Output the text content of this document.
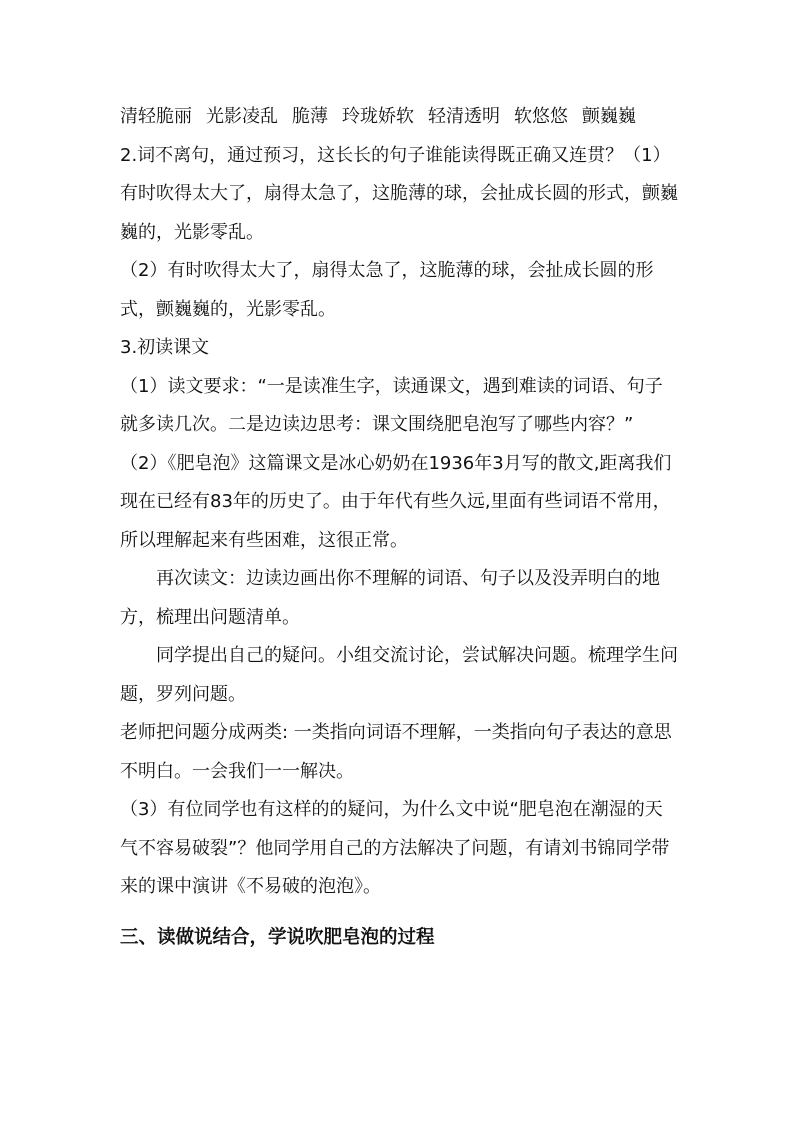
清轻脆丽 光影凌乱 脆薄 玲珑娇软 轻清透明 软悠悠 颤巍巍

2.词不离句，通过预习，这长长的句子谁能读得既正确又连贯？（1）有时吹得太大了，扇得太急了，这脆薄的球，会扯成长圆的形式，颤巍巍的，光影零乱。

（2）有时吹得太大了，扇得太急了，这脆薄的球，会扯成长圆的形式，颤巍巍的，光影零乱。

3.初读课文

（1）读文要求：“一是读准生字，读通课文，遇到难读的词语、句子就多读几次。二是边读边思考：课文围绕肥皂泡写了哪些内容？”

（2）《肥皂泡》这篇课文是冰心奶奶在1936年3月写的散文,距离我们现在已经有83年的历史了。由于年代有些久远,里面有些词语不常用，所以理解起来有些困难，这很正常。

再次读文：边读边画出你不理解的词语、句子以及没弄明白的地方，梳理出问题清单。

同学提出自己的疑问。小组交流讨论，尝试解决问题。梳理学生问题，罗列问题。

老师把问题分成两类: 一类指向词语不理解，一类指向句子表达的意思不明白。一会我们一一解决。

（3）有位同学也有这样的的疑问，为什么文中说“肥皂泡在潮湿的天气不容易破裂”？他同学用自己的方法解决了问题，有请刘书锦同学带来的课中演讲《不易破的泡泡》。

三、读做说结合，学说吹肥皂泡的过程
